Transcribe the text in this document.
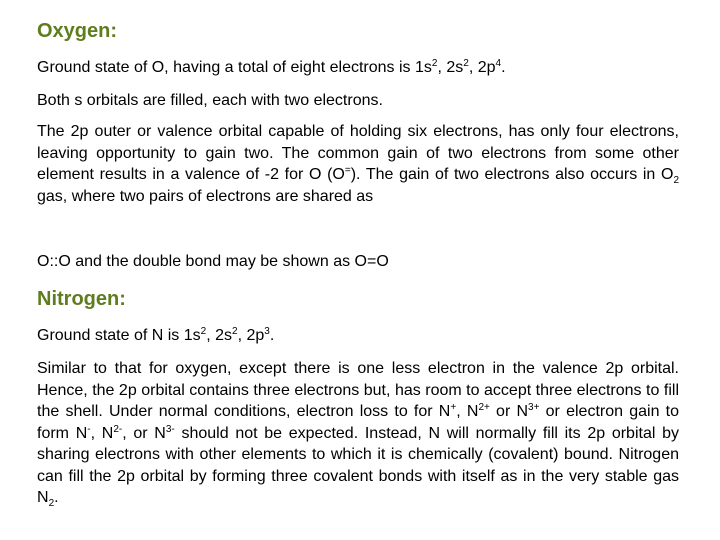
Oxygen:

Ground state of O, having a total of eight electrons is $1s^2$, $2s^2$, $2p^4$.

Both s orbitals are filled, each with two electrons.

The 2p outer or valence orbital capable of holding six electrons, has only four electrons, leaving opportunity to gain two. The common gain of two electrons from some other element results in a valence of -2 for O (O=). The gain of two electrons also occurs in $O_2$ gas, where two pairs of electrons are shared as

O::O and the double bond may be shown as O=O

Nitrogen:

Ground state of N is $1s^2$, $2s^2$, $2p^3$.

Similar to that for oxygen, except there is one less electron in the valence 2p orbital. Hence, the 2p orbital contains three electrons but, has room to accept three electrons to fill the shell. Under normal conditions, electron loss to for N+, $N^{2+}$ or $N^{3+}$ or electron gain to form N-, $N^{2-}$, or $N^{3-}$ should not be expected. Instead, N will normally fill its 2p orbital by sharing electrons with other elements to which it is chemically (covalent) bound. Nitrogen can fill the 2p orbital by forming three covalent bonds with itself as in the very stable gas $N_2$.
